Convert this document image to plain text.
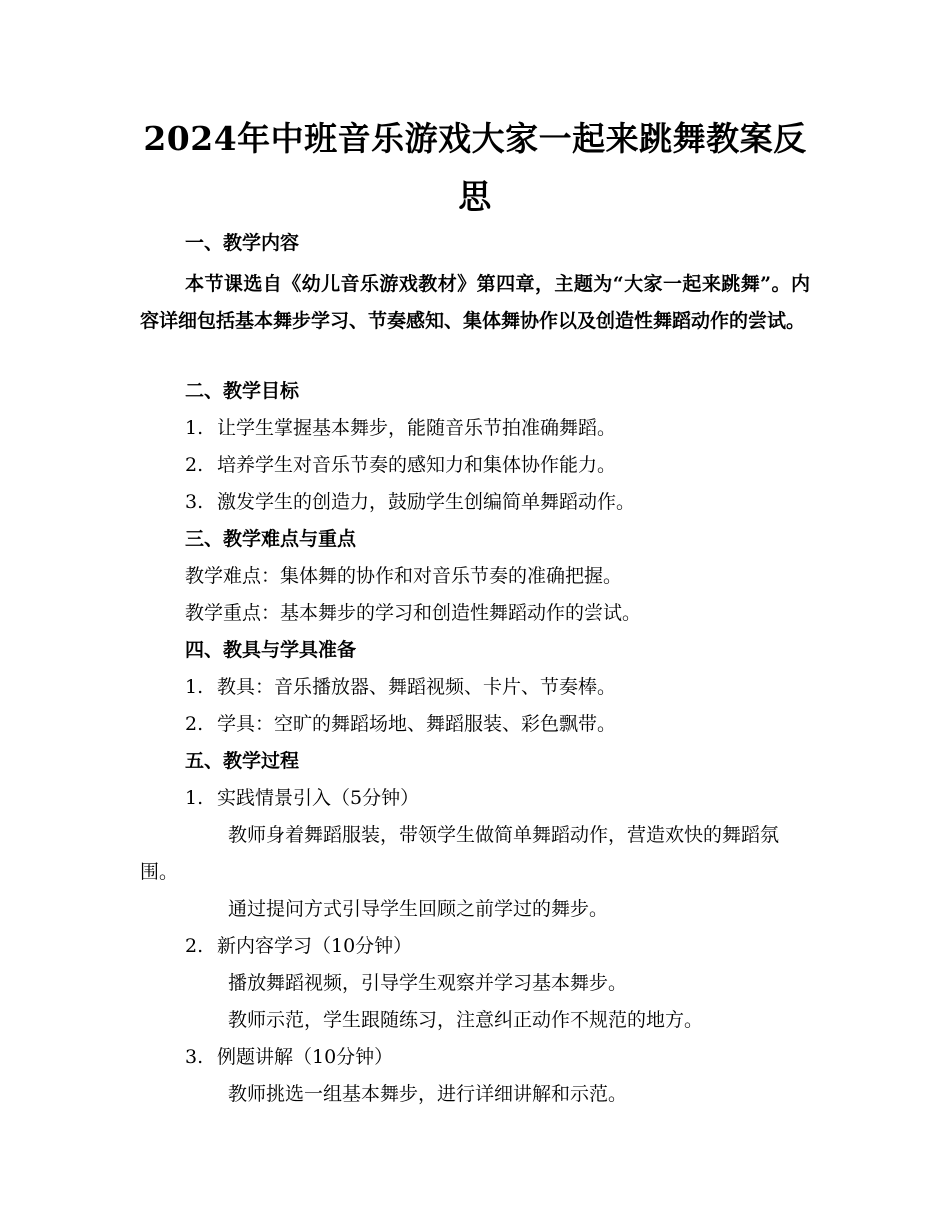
2024年中班音乐游戏大家一起来跳舞教案反思
一、教学内容
本节课选自《幼儿音乐游戏教材》第四章，主题为“大家一起来跳舞”。内容详细包括基本舞步学习、节奏感知、集体舞协作以及创造性舞蹈动作的尝试。
二、教学目标
1. 让学生掌握基本舞步，能随音乐节拍准确舞蹈。
2. 培养学生对音乐节奏的感知力和集体协作能力。
3. 激发学生的创造力，鼓励学生创编简单舞蹈动作。
三、教学难点与重点
教学难点：集体舞的协作和对音乐节奏的准确把握。
教学重点：基本舞步的学习和创造性舞蹈动作的尝试。
四、教具与学具准备
1. 教具：音乐播放器、舞蹈视频、卡片、节奏棒。
2. 学具：空旷的舞蹈场地、舞蹈服装、彩色飘带。
五、教学过程
1. 实践情景引入（5分钟）
教师身着舞蹈服装，带领学生做简单舞蹈动作，营造欢快的舞蹈氛围。
通过提问方式引导学生回顾之前学过的舞步。
2. 新内容学习（10分钟）
播放舞蹈视频，引导学生观察并学习基本舞步。
教师示范，学生跟随练习，注意纠正动作不规范的地方。
3. 例题讲解（10分钟）
教师挑选一组基本舞步，进行详细讲解和示范。
